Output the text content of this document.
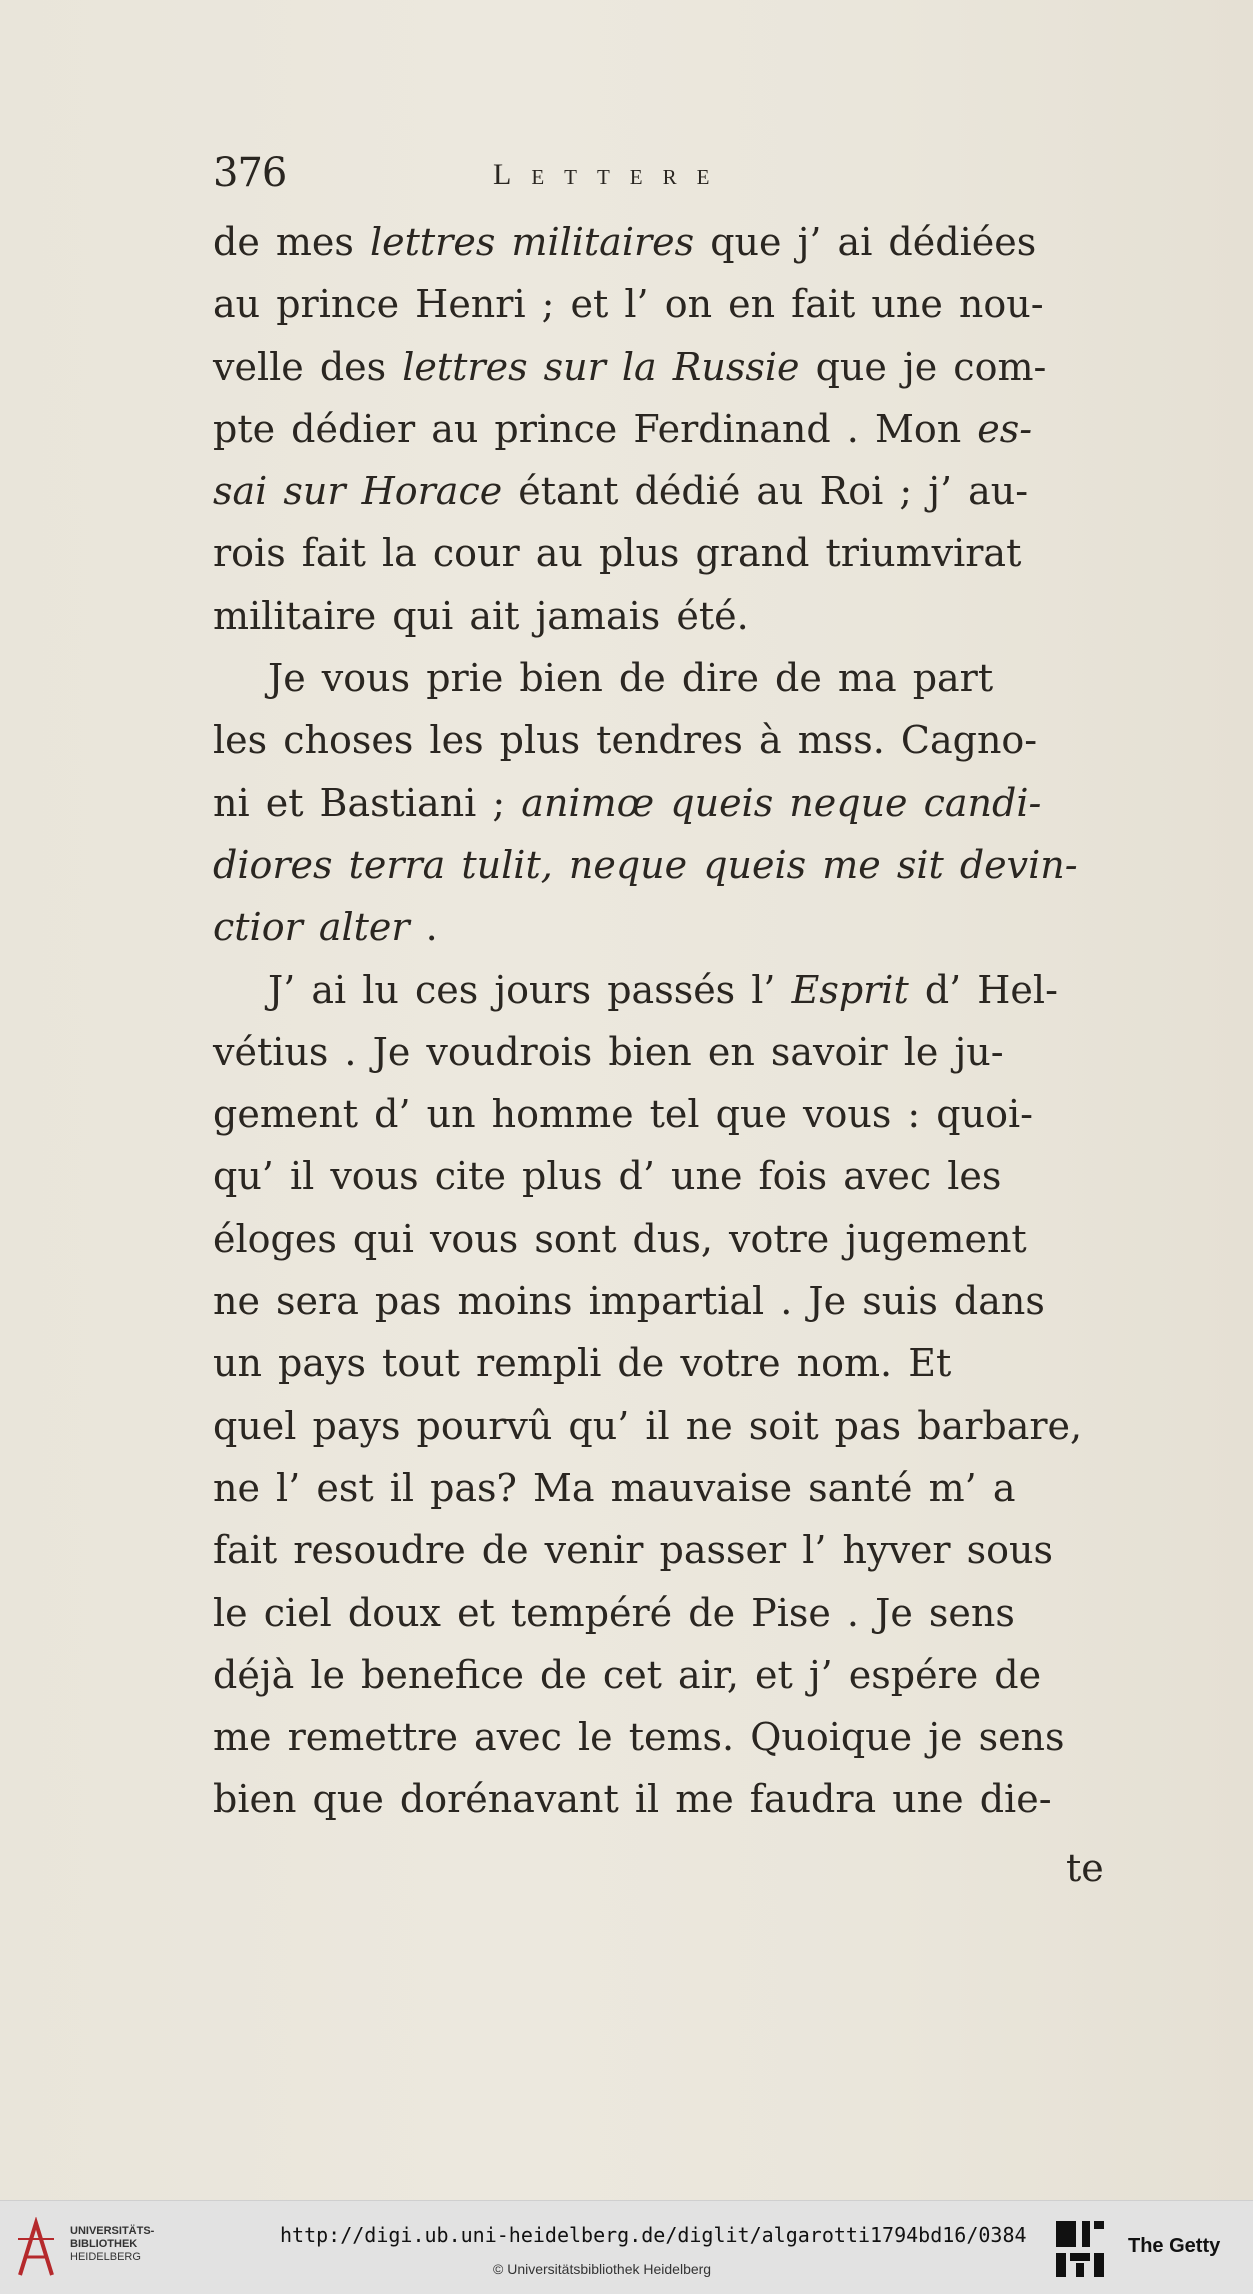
376	Lettere
de mes lettres militaires que j’ ai dédiées
au prince Henri ; et l’ on en fait une nou-
velle des lettres sur la Russie que je com-
pte dédier au prince Ferdinand . Mon es-
sai sur Horace étant dédié au Roi ; j’ au-
rois fait la cour au plus grand triumvirat
militaire qui ait jamais été.
Je vous prie bien de dire de ma part
les choses les plus tendres à mss. Cagno-
ni et Bastiani ; animœ queis neque candi-
diores terra tulit, neque queis me sit devin-
ctior alter .
J’ ai lu ces jours passés l’ Esprit d’ Hel-
vétius . Je voudrois bien en savoir le ju-
gement d’ un homme tel que vous : quoi-
qu’ il vous cite plus d’ une fois avec les
éloges qui vous sont dus, votre jugement
ne sera pas moins impartial . Je suis dans
un pays tout rempli de votre nom. Et
quel pays pourvû qu’ il ne soit pas barbare,
ne l’ est il pas? Ma mauvaise santé m’ a
fait resoudre de venir passer l’ hyver sous
le ciel doux et tempéré de Pise . Je sens
déjà le benefice de cet air, et j’ espére de
me remettre avec le tems. Quoique je sens
bien que dorénavant il me faudra une die-
te
UNIVERSITÄTS-
BIBLIOTHEK
HEIDELBERG
http://digi.ub.uni-heidelberg.de/diglit/algarotti1794bd16/0384
© Universitätsbibliothek Heidelberg
The Getty
